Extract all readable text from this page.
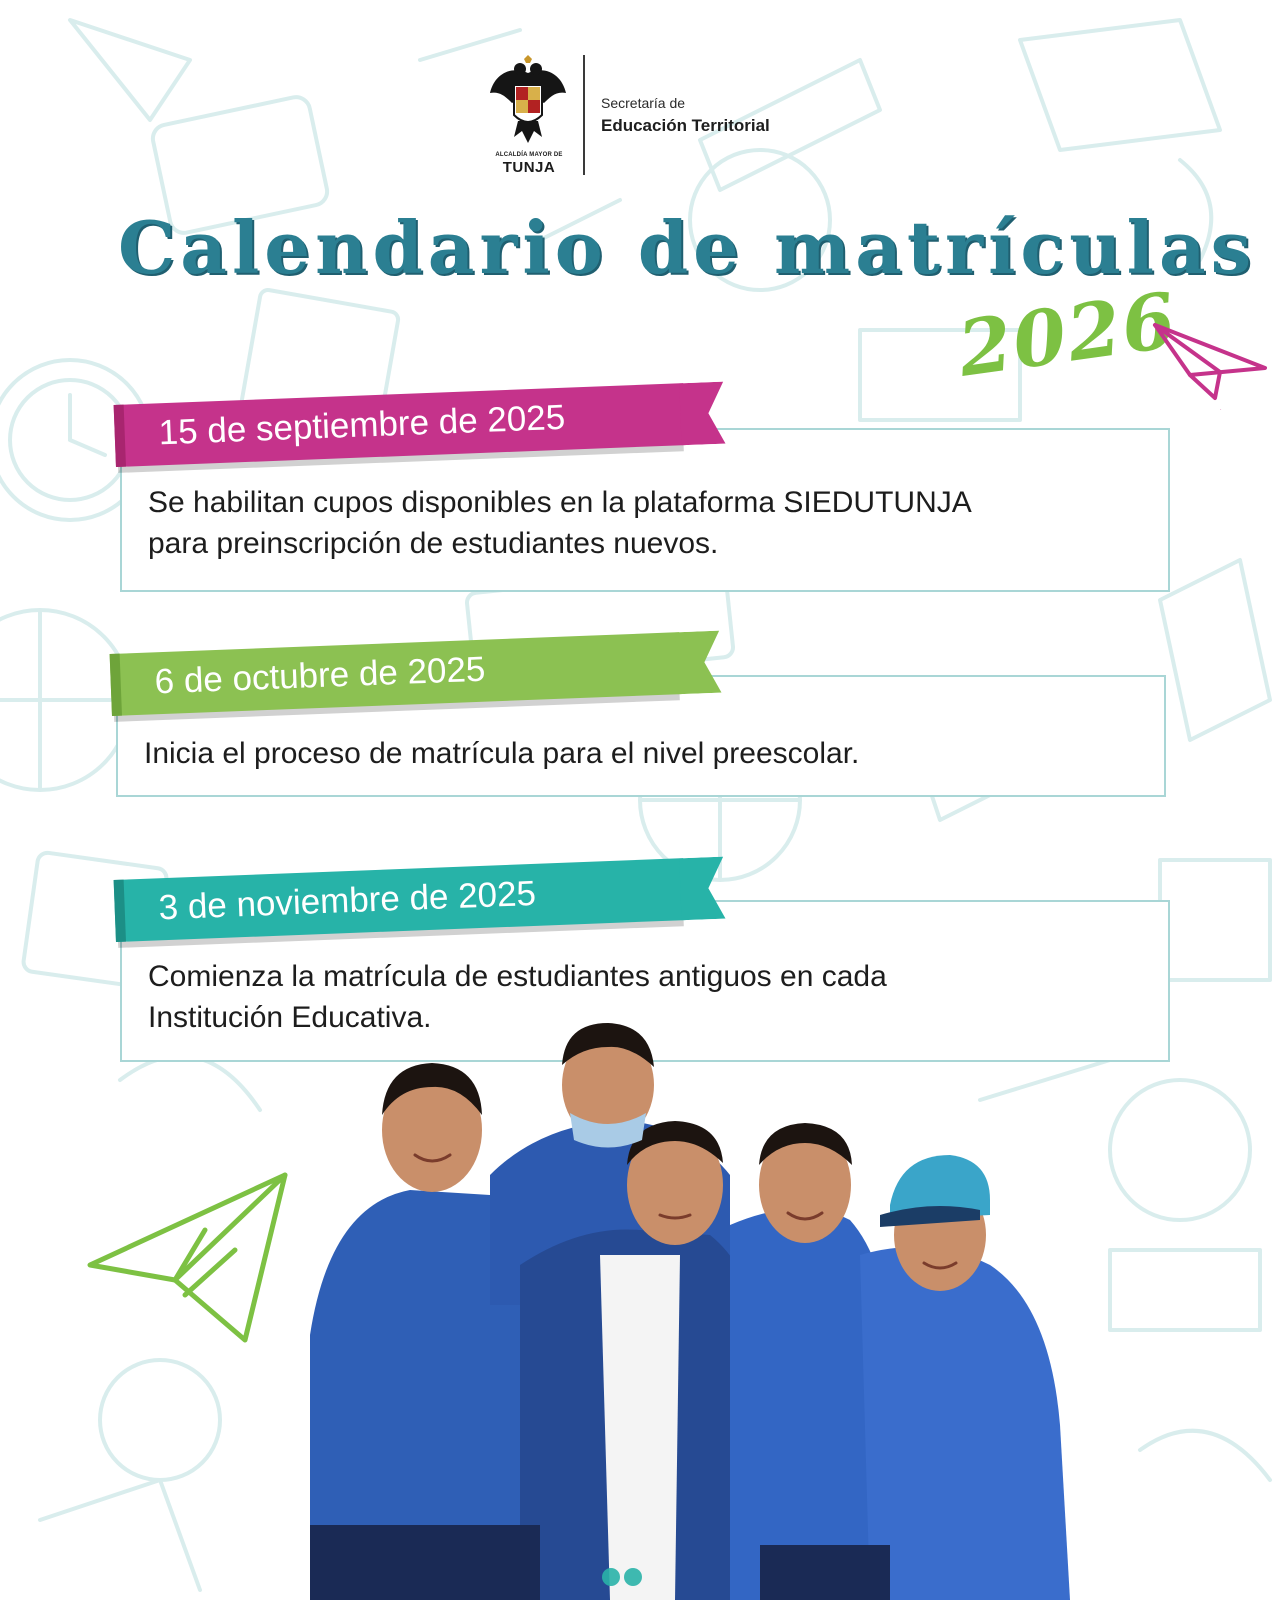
ALCALDÍA MAYOR DE
TUNJA
Secretaría de
Educación Territorial
Calendario de matrículas
2026
Se habilitan cupos disponibles en la plataforma SIEDUTUNJA
para preinscripción de estudiantes nuevos.
15 de septiembre de 2025
Inicia el proceso de matrícula para el nivel preescolar.
6 de octubre de 2025
Comienza la matrícula de estudiantes antiguos en cada
Institución Educativa.
3 de noviembre de 2025
